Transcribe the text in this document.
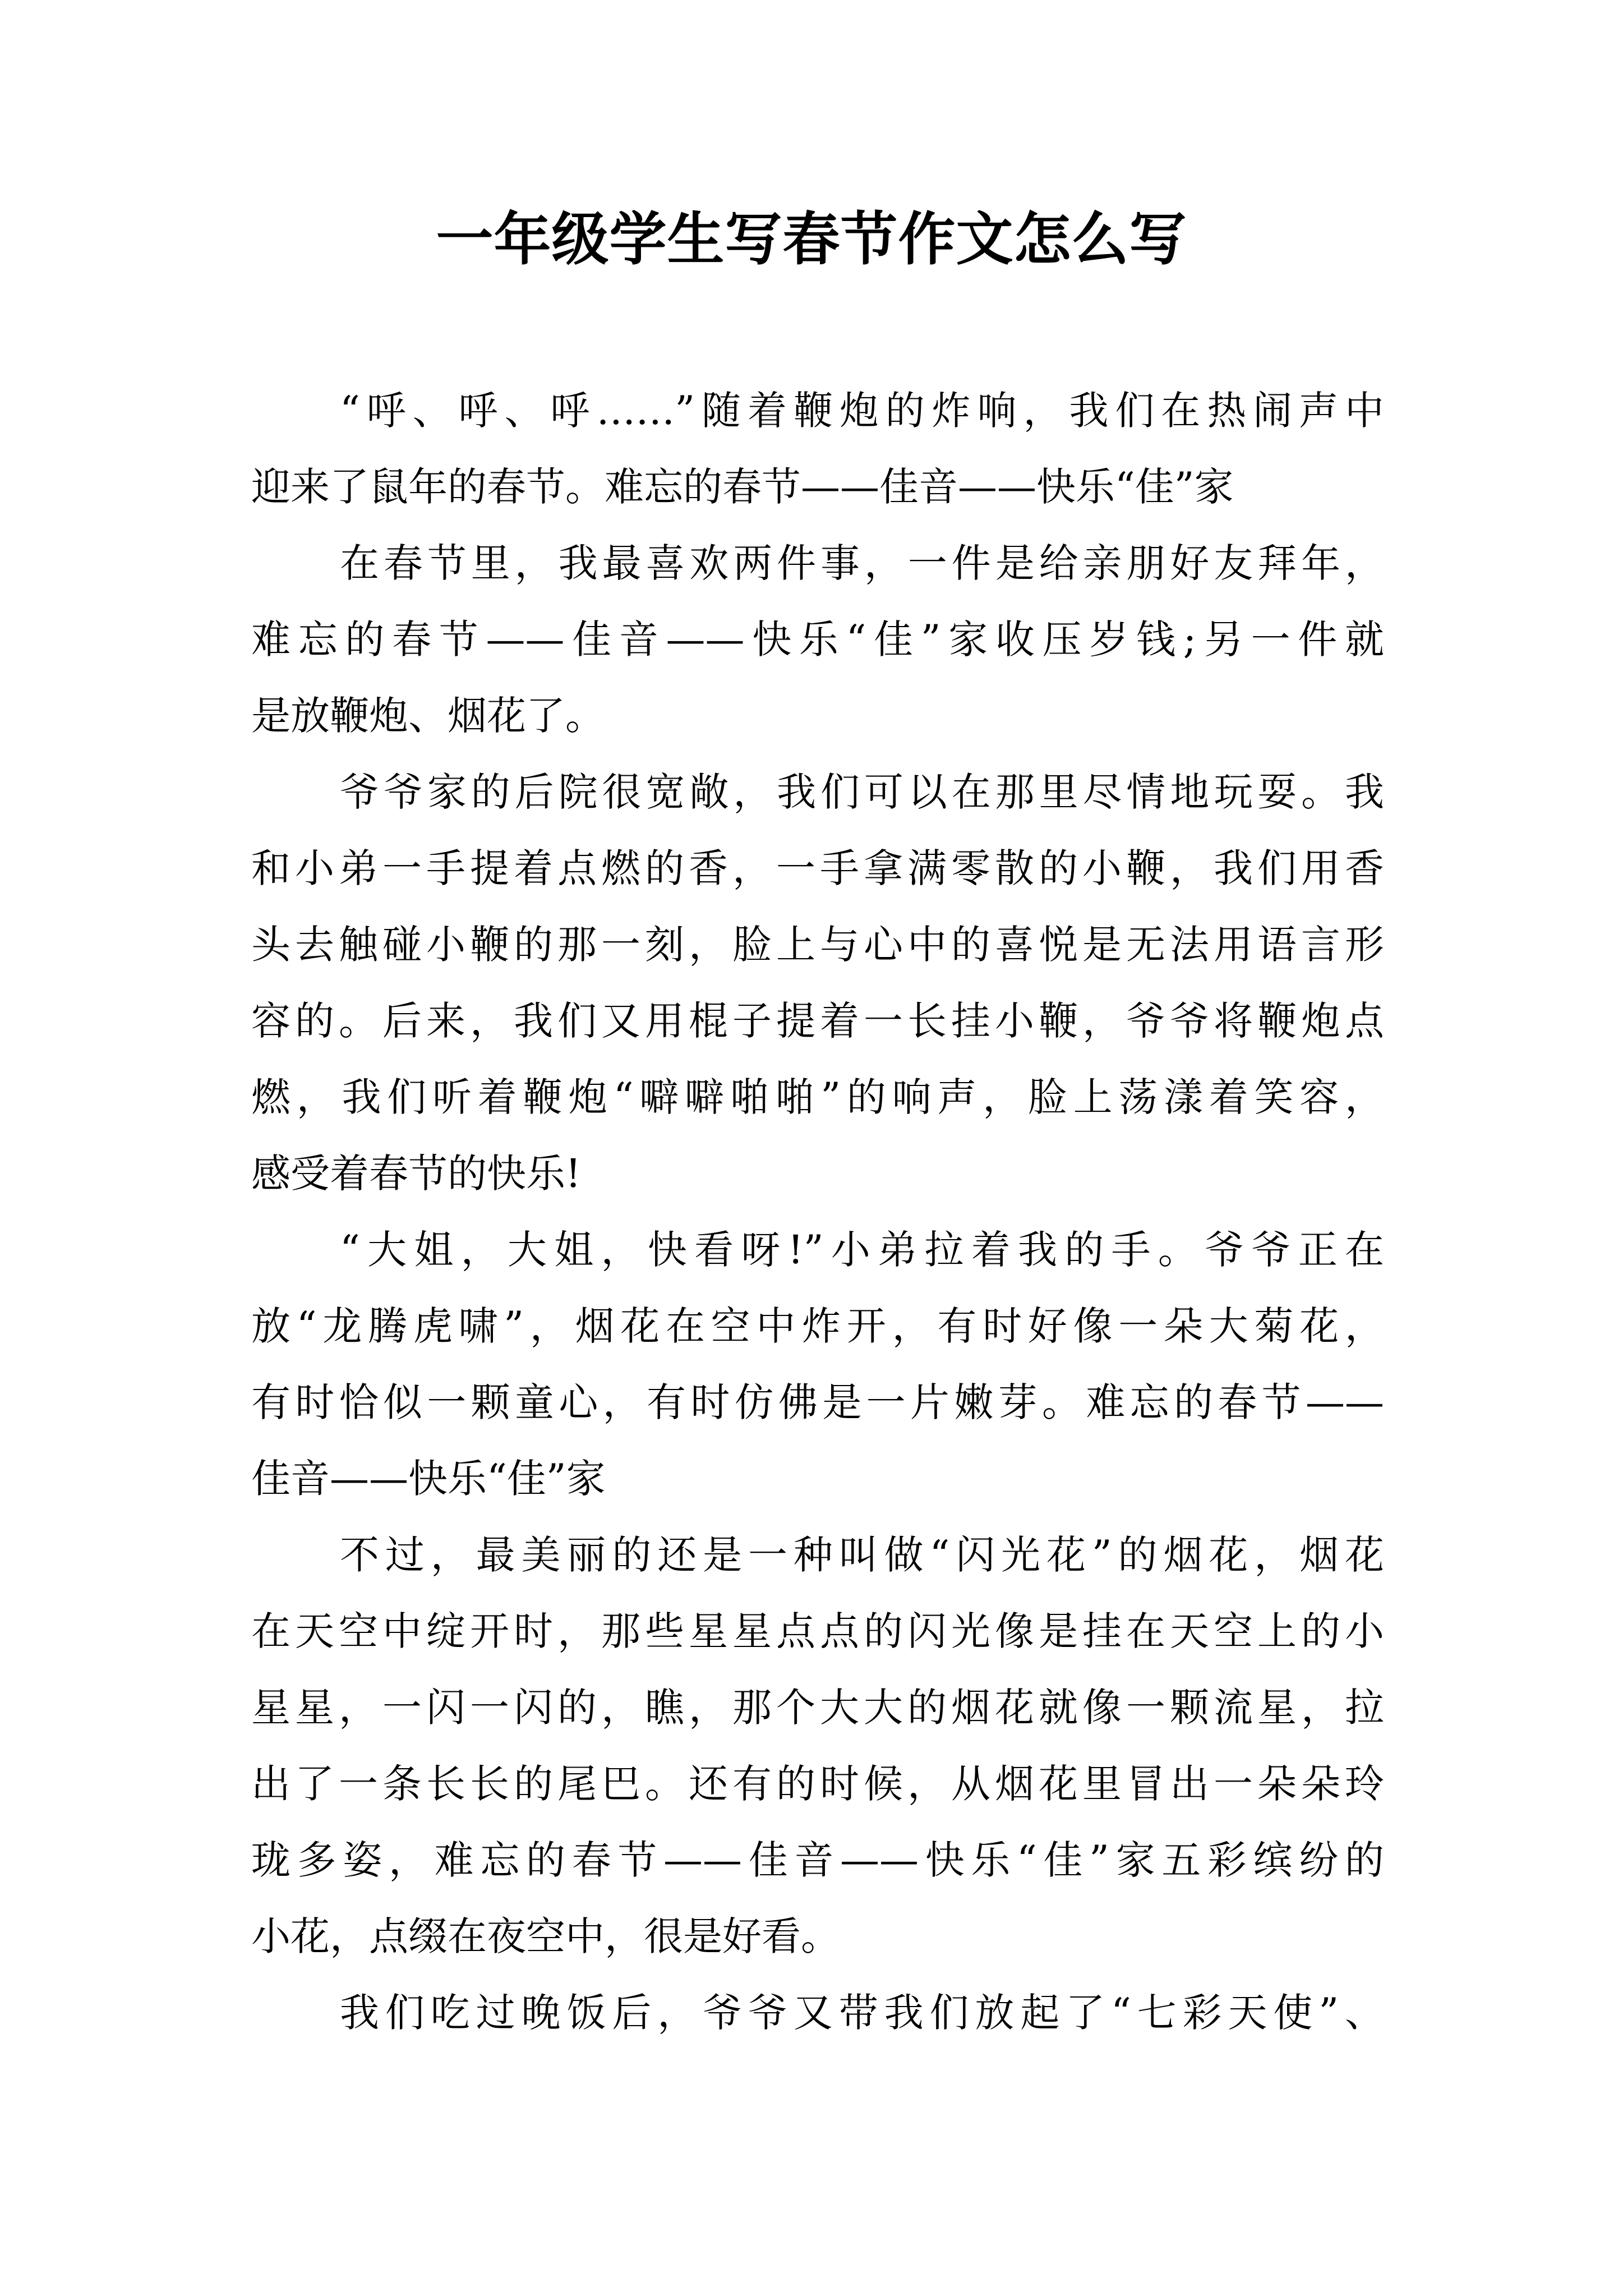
一年级学生写春节作文怎么写
“呼、呼、呼……”随着鞭炮的炸响，我们在热闹声中
迎来了鼠年的春节。难忘的春节——佳音——快乐“佳”家
在春节里，我最喜欢两件事，一件是给亲朋好友拜年，
难忘的春节——佳音——快乐“佳”家收压岁钱;另一件就
是放鞭炮、烟花了。
爷爷家的后院很宽敞，我们可以在那里尽情地玩耍。我
和小弟一手提着点燃的香，一手拿满零散的小鞭，我们用香
头去触碰小鞭的那一刻，脸上与心中的喜悦是无法用语言形
容的。后来，我们又用棍子提着一长挂小鞭，爷爷将鞭炮点
燃，我们听着鞭炮“噼噼啪啪”的响声，脸上荡漾着笑容，
感受着春节的快乐!
“大姐，大姐，快看呀!”小弟拉着我的手。爷爷正在
放“龙腾虎啸”，烟花在空中炸开，有时好像一朵大菊花，
有时恰似一颗童心，有时仿佛是一片嫩芽。难忘的春节——
佳音——快乐“佳”家
不过，最美丽的还是一种叫做“闪光花”的烟花，烟花
在天空中绽开时，那些星星点点的闪光像是挂在天空上的小
星星，一闪一闪的，瞧，那个大大的烟花就像一颗流星，拉
出了一条长长的尾巴。还有的时候，从烟花里冒出一朵朵玲
珑多姿，难忘的春节——佳音——快乐“佳”家五彩缤纷的
小花，点缀在夜空中，很是好看。
我们吃过晚饭后，爷爷又带我们放起了“七彩天使”、
